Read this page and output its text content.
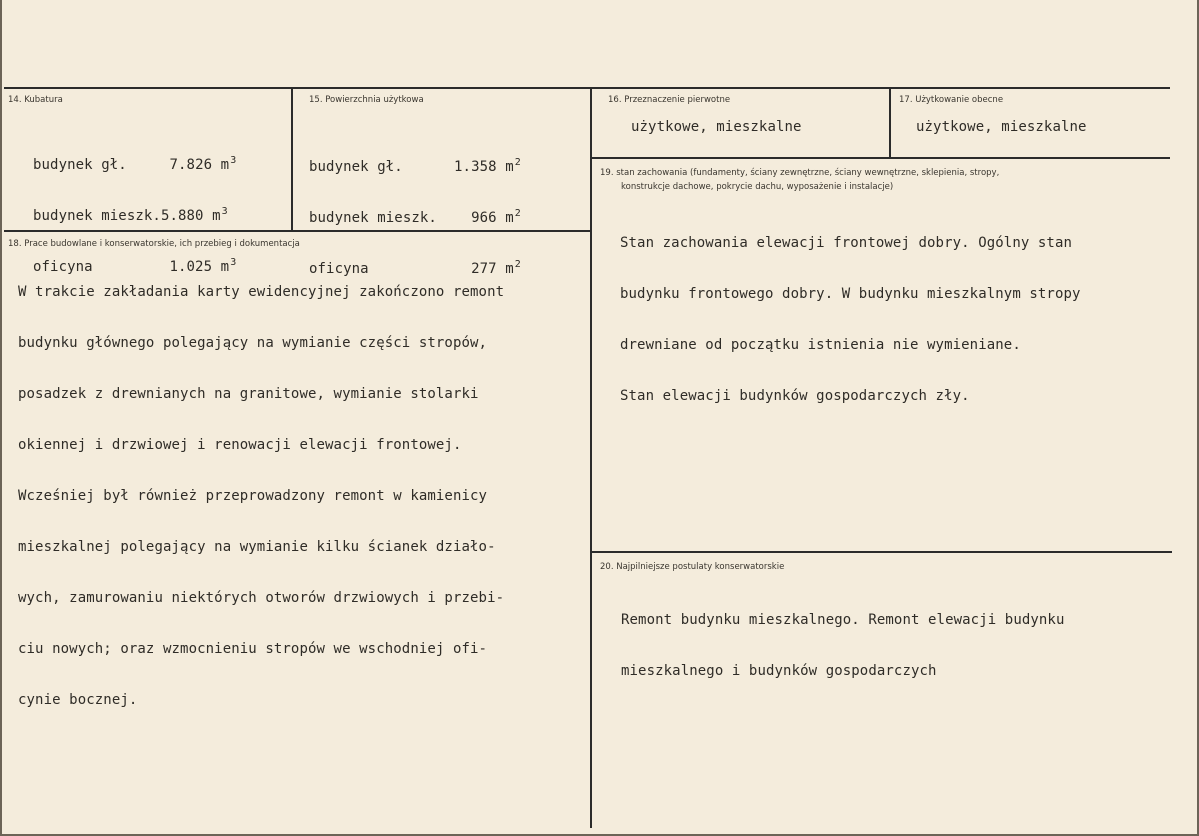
14. Kubatura

budynek gł.	7.826 $m^3$

budynek mieszk.5.880 $m^3$

oficyna	1.025 $m^3$

15. Powierzchnia użytkowa

budynek gł.	1.358 $m^2$

budynek mieszk. 966 $m^2$

oficyna	277 $m^2$

16. Przeznaczenie pierwotne
użytkowe, mieszkalne
17. Użytkowanie obecne
użytkowe, mieszkalne
19. stan zachowania (fundamenty, ściany zewnętrzne, ściany wewnętrzne, sklepienia, stropy,
konstrukcje dachowe, pokrycie dachu, wyposażenie i instalacje)

Stan zachowania elewacji frontowej dobry. Ogólny stan

budynku frontowego dobry. W budynku mieszkalnym stropy

drewniane od początku istnienia nie wymieniane.

Stan elewacji budynków gospodarczych zły.

18. Prace budowlane i konserwatorskie, ich przebieg i dokumentacja

W trakcie zakładania karty ewidencyjnej zakończono remont

budynku głównego polegający na wymianie części stropów,

posadzek z drewnianych na granitowe, wymianie stolarki

okiennej i drzwiowej i renowacji elewacji frontowej.

Wcześniej był również przeprowadzony remont w kamienicy

mieszkalnej polegający na wymianie kilku ścianek działo-

wych, zamurowaniu niektórych otworów drzwiowych i przebi-

ciu nowych; oraz wzmocnieniu stropów we wschodniej ofi-

cynie bocznej.

20. Najpilniejsze postulaty konserwatorskie

Remont budynku mieszkalnego. Remont elewacji budynku

mieszkalnego i budynków gospodarczych
